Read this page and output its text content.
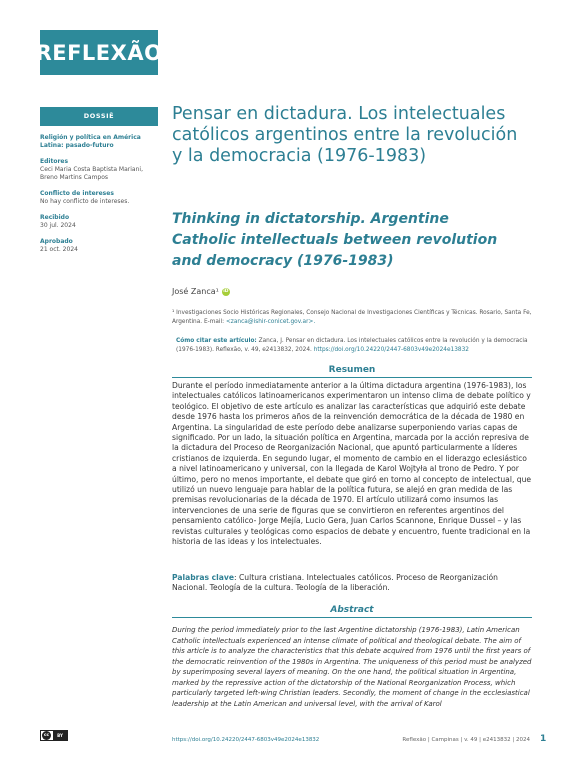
REFLEXÃO
DOSSIÊ
Religión y política en América Latina: pasado-futuro
Editores
Ceci Maria Costa Baptista Mariani, Breno Martins Campos
Conflicto de intereses
No hay conflicto de intereses.
Recibido
30 jul. 2024
Aprobado
21 oct. 2024
Pensar en dictadura. Los intelectuales católicos argentinos entre la revolución y la democracia (1976-1983)
Thinking in dictatorship. Argentine Catholic intellectuals between revolution and democracy (1976-1983)
José Zanca¹ iD

¹ Investigaciones Socio Históricas Regionales, Consejo Nacional de Investigaciones Científicas y Técnicas. Rosario, Santa Fe, Argentina. E-mail: <zanca@ishir-conicet.gov.ar>.

Cómo citar este artículo: Zanca, J. Pensar en dictadura. Los intelectuales católicos entre la revolución y la democracia (1976-1983). Reflexão, v. 49, e2413832, 2024. https://doi.org/10.24220/2447-6803v49e2024e13832

Resumen

Durante el período inmediatamente anterior a la última dictadura argentina (1976-1983), los intelectuales católicos latinoamericanos experimentaron un intenso clima de debate político y teológico. El objetivo de este artículo es analizar las características que adquirió este debate desde 1976 hasta los primeros años de la reinvención democrática de la década de 1980 en Argentina. La singularidad de este período debe analizarse superponiendo varias capas de significado. Por un lado, la situación política en Argentina, marcada por la acción represiva de la dictadura del Proceso de Reorganización Nacional, que apuntó particularmente a líderes cristianos de izquierda. En segundo lugar, el momento de cambio en el liderazgo eclesiástico a nivel latinoamericano y universal, con la llegada de Karol Wojtyła al trono de Pedro. Y por último, pero no menos importante, el debate que giró en torno al concepto de intelectual, que utilizó un nuevo lenguaje para hablar de la política futura, se alejó en gran medida de las premisas revolucionarias de la década de 1970. El artículo utilizará como insumos las intervenciones de una serie de figuras que se convirtieron en referentes argentinos del pensamiento católico- Jorge Mejía, Lucio Gera, Juan Carlos Scannone, Enrique Dussel – y las revistas culturales y teológicas como espacios de debate y encuentro, fuente tradicional en la historia de las ideas y los intelectuales.

Palabras clave: Cultura cristiana. Intelectuales católicos. Proceso de Reorganización Nacional. Teología de la cultura. Teología de la liberación.

Abstract

During the period immediately prior to the last Argentine dictatorship (1976-1983), Latin American Catholic intellectuals experienced an intense climate of political and theological debate. The aim of this article is to analyze the characteristics that this debate acquired from 1976 until the first years of the democratic reinvention of the 1980s in Argentina. The uniqueness of this period must be analyzed by superimposing several layers of meaning. On the one hand, the political situation in Argentina, marked by the repressive action of the dictatorship of the National Reorganization Process, which particularly targeted left-wing Christian leaders. Secondly, the moment of change in the ecclesiastical leadership at the Latin American and universal level, with the arrival of Karol

cc	BY
https://doi.org/10.24220/2447-6803v49e2024e13832	Reflexão | Campinas | v. 49 | e2413832 | 2024 1
